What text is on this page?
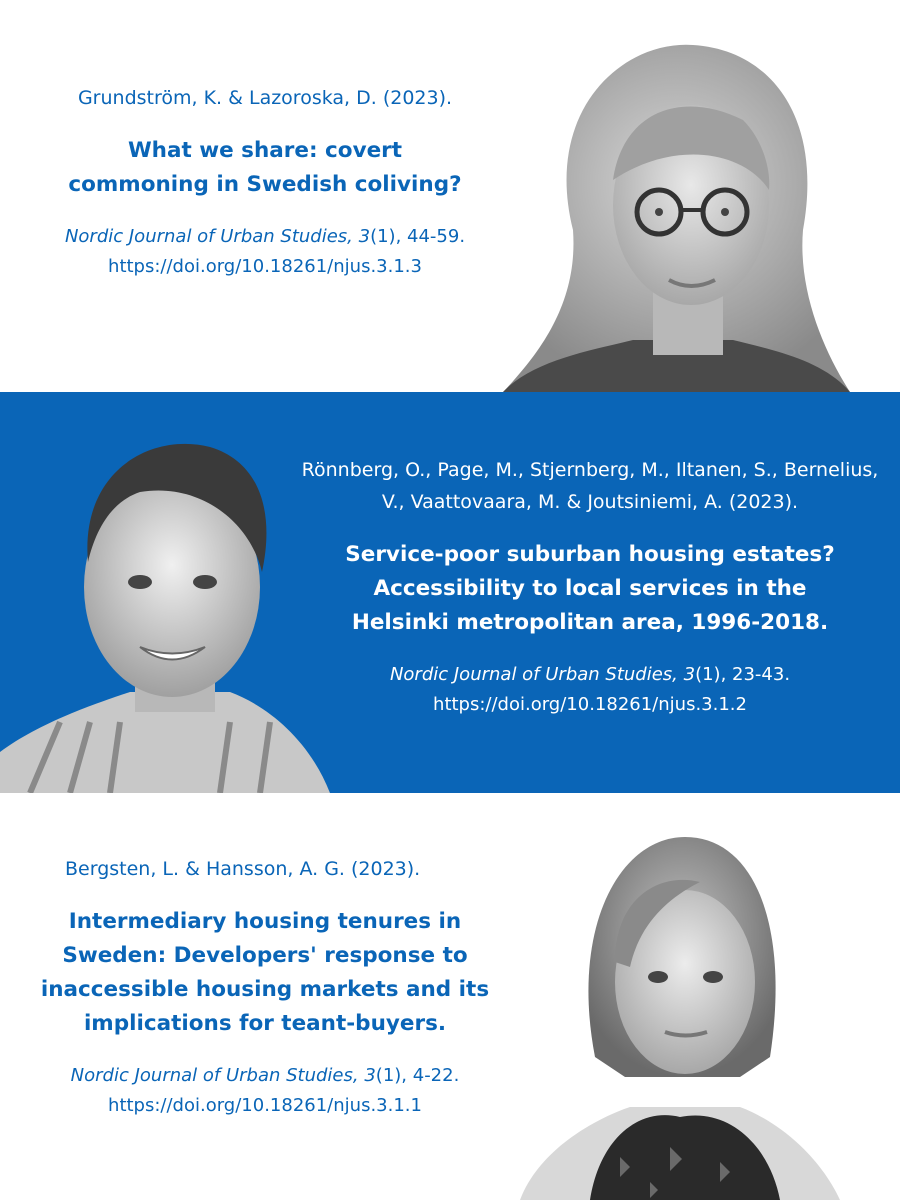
Grundström, K. & Lazoroska, D. (2023).
What we share: covert commoning in Swedish coliving?
Nordic Journal of Urban Studies, 3(1), 44-59.
https://doi.org/10.18261/njus.3.1.3
Rönnberg, O., Page, M., Stjernberg, M., Iltanen, S., Bernelius, V., Vaattovaara, M. & Joutsiniemi, A. (2023).
Service-poor suburban housing estates? Accessibility to local services in the Helsinki metropolitan area, 1996-2018.
Nordic Journal of Urban Studies, 3(1), 23-43.
https://doi.org/10.18261/njus.3.1.2
Bergsten, L. & Hansson, A. G. (2023).
Intermediary housing tenures in Sweden: Developers' response to inaccessible housing markets and its implications for teant-buyers.
Nordic Journal of Urban Studies, 3(1), 4-22.
https://doi.org/10.18261/njus.3.1.1
